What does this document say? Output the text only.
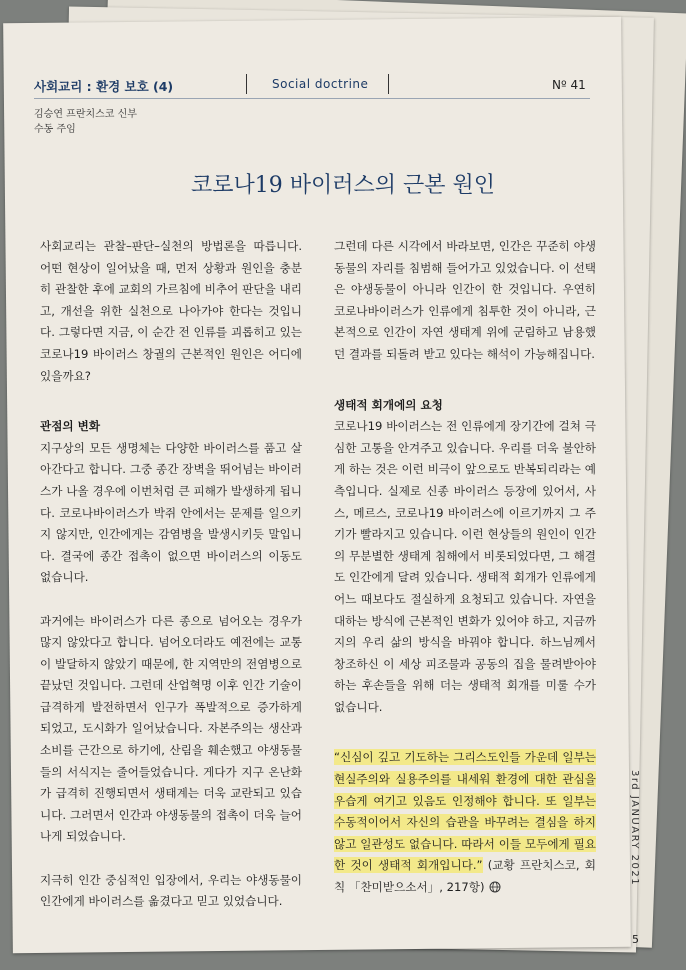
사회교리 : 환경 보호 (4)	Social doctrine	Nº 41
김승연 프란치스코 신부
수동 주임
코로나19 바이러스의 근본 원인

사회교리는 관찰–판단–실천의 방법론을 따릅니다. 어떤 현상이 일어났을 때, 먼저 상황과 원인을 충분히 관찰한 후에 교회의 가르침에 비추어 판단을 내리고, 개선을 위한 실천으로 나아가야 한다는 것입니다. 그렇다면 지금, 이 순간 전 인류를 괴롭히고 있는 코로나19 바이러스 창궐의 근본적인 원인은 어디에 있을까요?

관점의 변화

지구상의 모든 생명체는 다양한 바이러스를 품고 살아간다고 합니다. 그중 종간 장벽을 뛰어넘는 바이러스가 나올 경우에 이번처럼 큰 피해가 발생하게 됩니다. 코로나바이러스가 박쥐 안에서는 문제를 일으키지 않지만, 인간에게는 감염병을 발생시키듯 말입니다. 결국에 종간 접촉이 없으면 바이러스의 이동도 없습니다.

과거에는 바이러스가 다른 종으로 넘어오는 경우가 많지 않았다고 합니다. 넘어오더라도 예전에는 교통이 발달하지 않았기 때문에, 한 지역만의 전염병으로 끝났던 것입니다. 그런데 산업혁명 이후 인간 기술이 급격하게 발전하면서 인구가 폭발적으로 증가하게 되었고, 도시화가 일어났습니다. 자본주의는 생산과 소비를 근간으로 하기에, 산림을 훼손했고 야생동물들의 서식지는 줄어들었습니다. 게다가 지구 온난화가 급격히 진행되면서 생태계는 더욱 교란되고 있습니다. 그러면서 인간과 야생동물의 접촉이 더욱 늘어나게 되었습니다.

지극히 인간 중심적인 입장에서, 우리는 야생동물이 인간에게 바이러스를 옮겼다고 믿고 있었습니다.

그런데 다른 시각에서 바라보면, 인간은 꾸준히 야생동물의 자리를 침범해 들어가고 있었습니다. 이 선택은 야생동물이 아니라 인간이 한 것입니다. 우연히 코로나바이러스가 인류에게 침투한 것이 아니라, 근본적으로 인간이 자연 생태계 위에 군림하고 남용했던 결과를 되돌려 받고 있다는 해석이 가능해집니다.

생태적 회개에의 요청

코로나19 바이러스는 전 인류에게 장기간에 걸쳐 극심한 고통을 안겨주고 있습니다. 우리를 더욱 불안하게 하는 것은 이런 비극이 앞으로도 반복되리라는 예측입니다. 실제로 신종 바이러스 등장에 있어서, 사스, 메르스, 코로나19 바이러스에 이르기까지 그 주기가 빨라지고 있습니다. 이런 현상들의 원인이 인간의 무분별한 생태계 침해에서 비롯되었다면, 그 해결도 인간에게 달려 있습니다. 생태적 회개가 인류에게 어느 때보다도 절실하게 요청되고 있습니다. 자연을 대하는 방식에 근본적인 변화가 있어야 하고, 지금까지의 우리 삶의 방식을 바꿔야 합니다. 하느님께서 창조하신 이 세상 피조물과 공동의 집을 물려받아야 하는 후손들을 위해 더는 생태적 회개를 미룰 수가 없습니다.

“신심이 깊고 기도하는 그리스도인들 가운데 일부는 현실주의와 실용주의를 내세워 환경에 대한 관심을 우습게 여기고 있음도 인정해야 합니다. 또 일부는 수동적이어서 자신의 습관을 바꾸려는 결심을 하지 않고 일관성도 없습니다. 따라서 이들 모두에게 필요한 것이 생태적 회개입니다.” (교황 프란치스코, 회칙 「찬미받으소서」, 217항)

3rd JANUARY 2021
5
